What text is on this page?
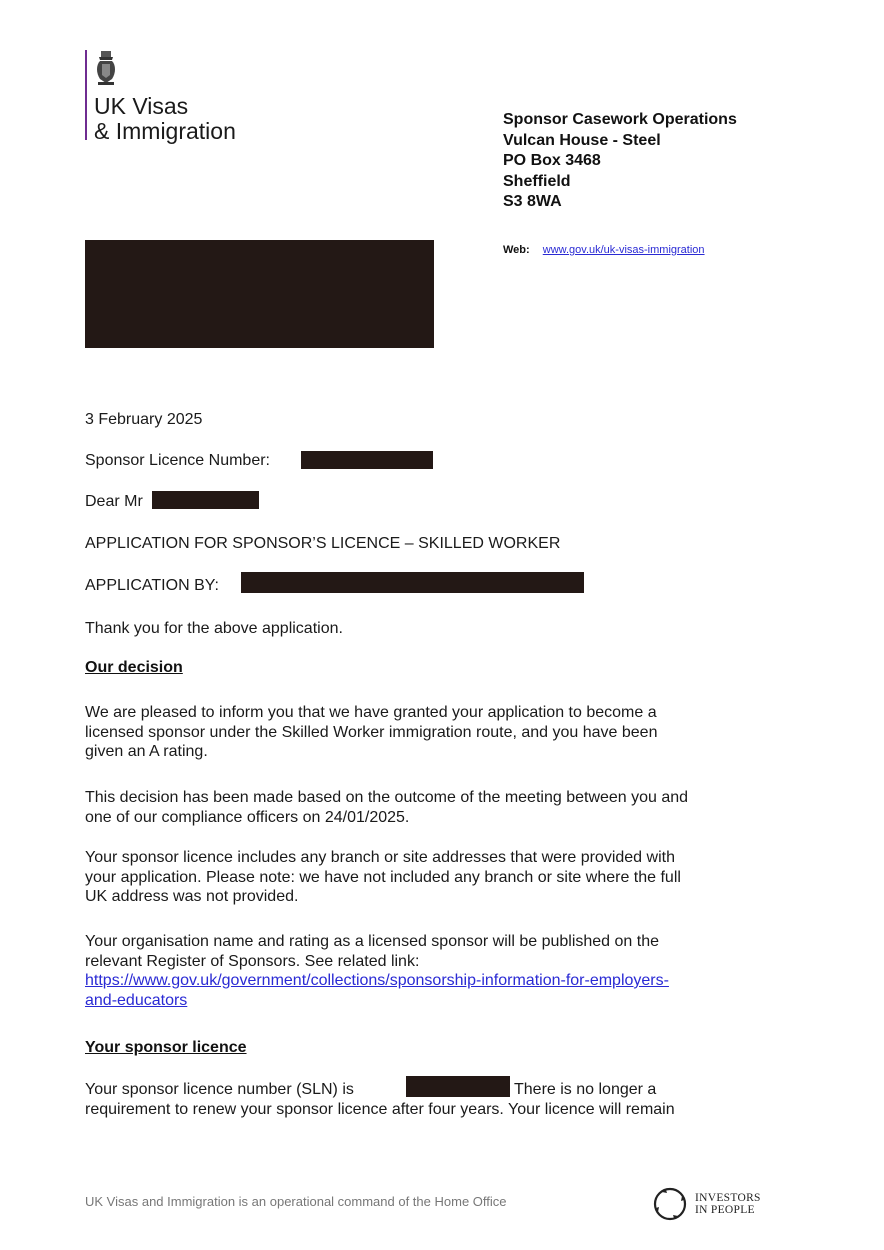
UK Visas
& Immigration	Sponsor Casework Operations
Vulcan House - Steel
PO Box 3468
Sheffield
S3 8WA
Web: www.gov.uk/uk-visas-immigration
3 February 2025
Sponsor Licence Number:
Dear Mr
APPLICATION FOR SPONSOR’S LICENCE – SKILLED WORKER
APPLICATION BY:
Thank you for the above application.
Our decision
We are pleased to inform you that we have granted your application to become a
licensed sponsor under the Skilled Worker immigration route, and you have been
given an A rating.
This decision has been made based on the outcome of the meeting between you and
one of our compliance officers on 24/01/2025.
Your sponsor licence includes any branch or site addresses that were provided with
your application. Please note: we have not included any branch or site where the full
UK address was not provided.
Your organisation name and rating as a licensed sponsor will be published on the
relevant Register of Sponsors. See related link:
https://www.gov.uk/government/collections/sponsorship-information-for-employers-
and-educators
Your sponsor licence
Your sponsor licence number (SLN) is	There is no longer a
requirement to renew your sponsor licence after four years. Your licence will remain
UK Visas and Immigration is an operational command of the Home Office	INVESTORS
IN PEOPLE
